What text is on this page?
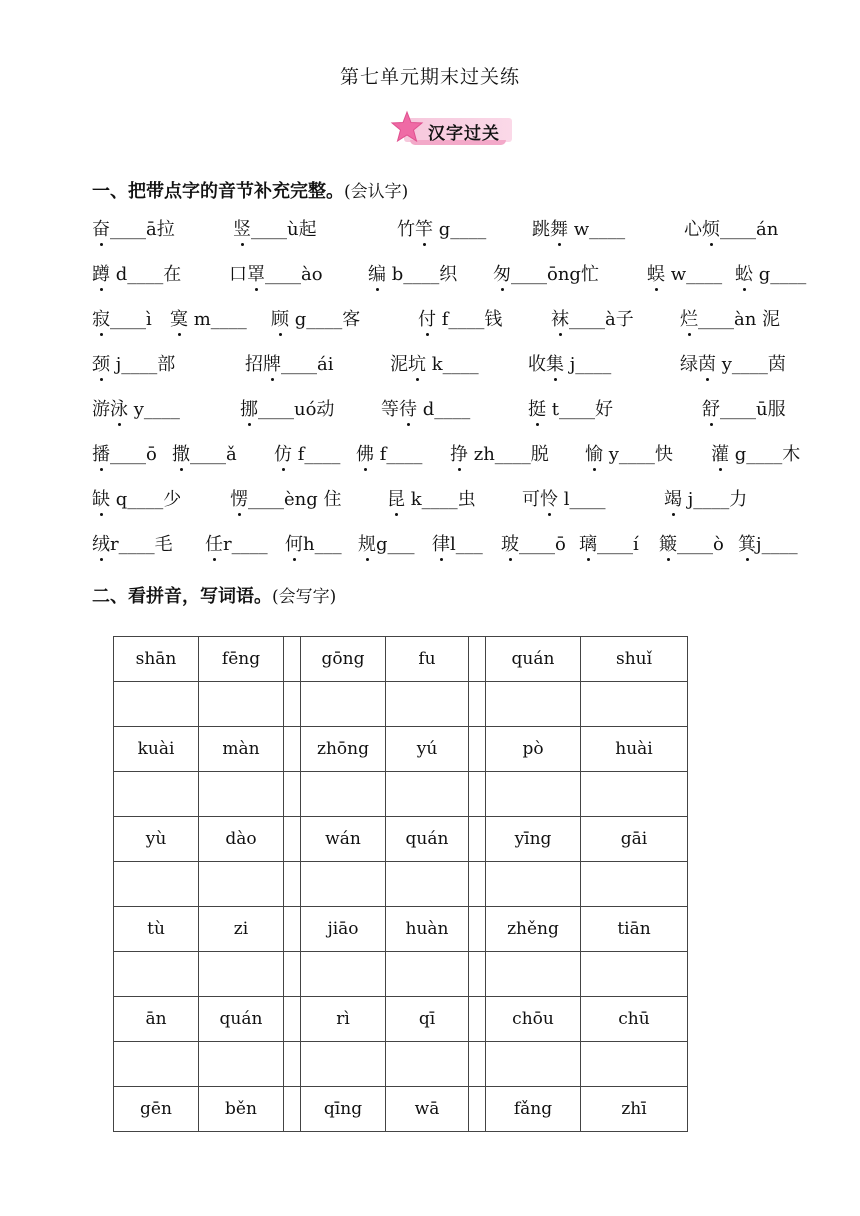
第七单元期末过关练
汉字过关
一、把带点字的音节补充完整。(会认字)
奋____ā拉	竖____ù起	竹竿 g____	跳舞 w____	心烦____án
蹲 d____在	口罩____ào	编 b____织 匆____ōng忙	蜈 w____ 蚣 g____
寂____ì 寞 m____ 顾 g____客	付 f____钱	袜____à子	烂____àn 泥
颈 j____部	招牌____ái	泥坑 k____	收集 j____	绿茵 y____茵
游泳 y____	挪____uó动	等待 d____	挺 t____好	舒____ū服
播____ō 撒____ǎ 仿 f____ 佛 f____ 挣 zh____脱 愉 y____快 灌 g____木
缺 q____少	愣____èng 住	昆 k____虫	可怜 l____	竭 j____力
绒r____毛 任r____ 何h___ 规g___ 律l___ 玻____ō 璃____í 簸____ò 箕j____
二、看拼音，写词语。(会写字)
shān	fēng		gōng	fu		quán	shuǐ

kuài	màn		zhōng	yú		pò	huài

yù	dào		wán	quán		yīng	gāi

tù	zi		jiāo	huàn		zhěng	tiān

ān	quán		rì	qī		chōu	chū

gēn	běn		qīng	wā		fǎng	zhī
